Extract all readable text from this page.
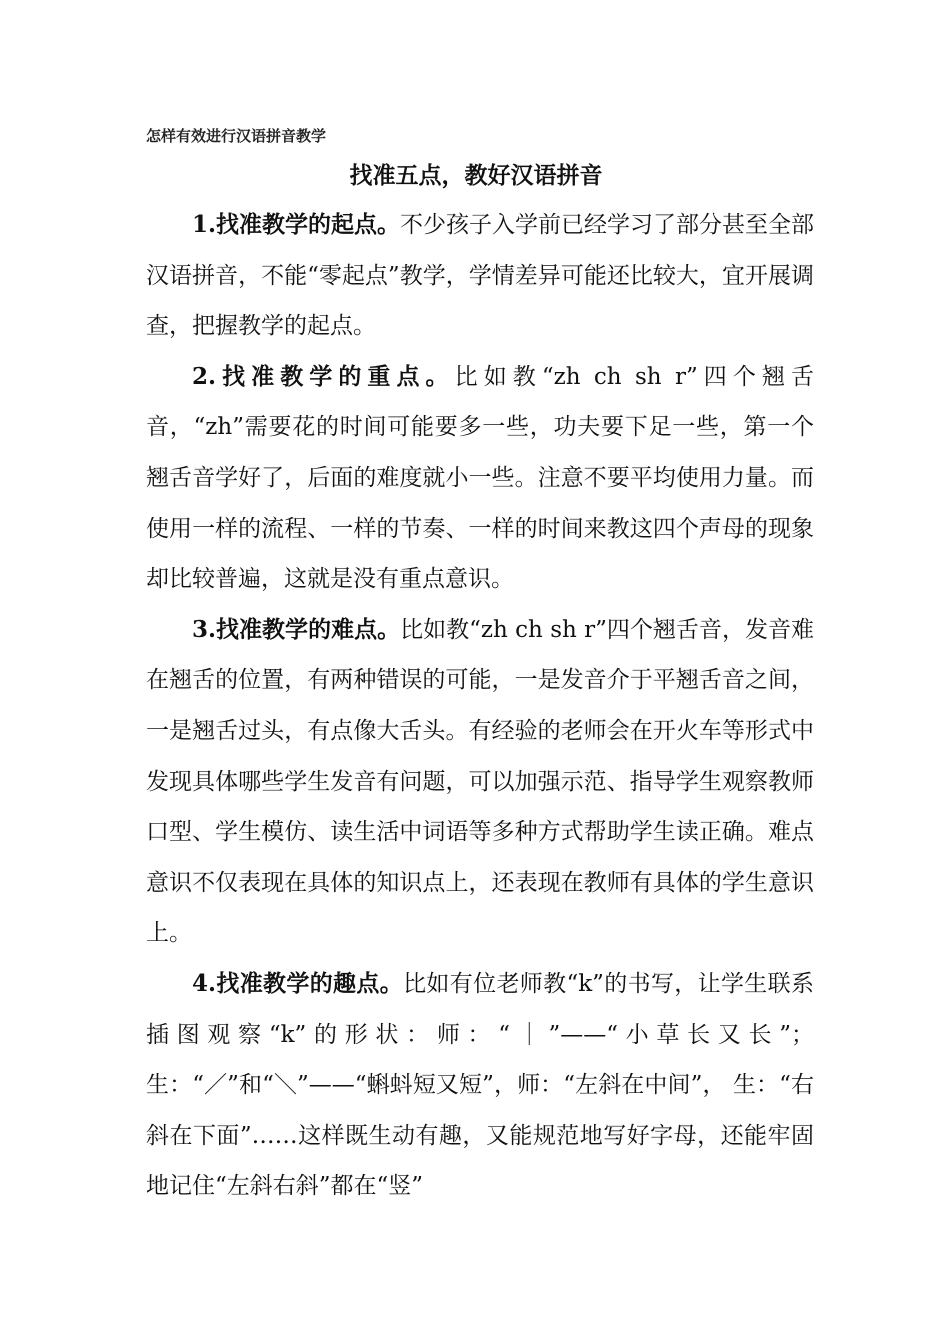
怎样有效进行汉语拼音教学
找准五点，教好汉语拼音

1.找准教学的起点。不少孩子入学前已经学习了部分甚至全部汉语拼音，不能“零起点”教学，学情差异可能还比较大，宜开展调查，把握教学的起点。

2.找准教学的重点。比如教“zh ch sh r”四个翘舌音，“zh”需要花的时间可能要多一些，功夫要下足一些，第一个翘舌音学好了，后面的难度就小一些。注意不要平均使用力量。而使用一样的流程、一样的节奏、一样的时间来教这四个声母的现象却比较普遍，这就是没有重点意识。

3.找准教学的难点。比如教“zh ch sh r”四个翘舌音，发音难在翘舌的位置，有两种错误的可能，一是发音介于平翘舌音之间，一是翘舌过头，有点像大舌头。有经验的老师会在开火车等形式中发现具体哪些学生发音有问题，可以加强示范、指导学生观察教师口型、学生模仿、读生活中词语等多种方式帮助学生读正确。难点意识不仅表现在具体的知识点上，还表现在教师有具体的学生意识上。

4.找准教学的趣点。比如有位老师教“k”的书写，让学生联系插图观察“k”的形状：师：“｜”——“小草长又长”；生：“／”和“＼”——“蝌蚪短又短”，师：“左斜在中间”， 生：“右斜在下面”……这样既生动有趣，又能规范地写好字母，还能牢固地记住“左斜右斜”都在“竖”
